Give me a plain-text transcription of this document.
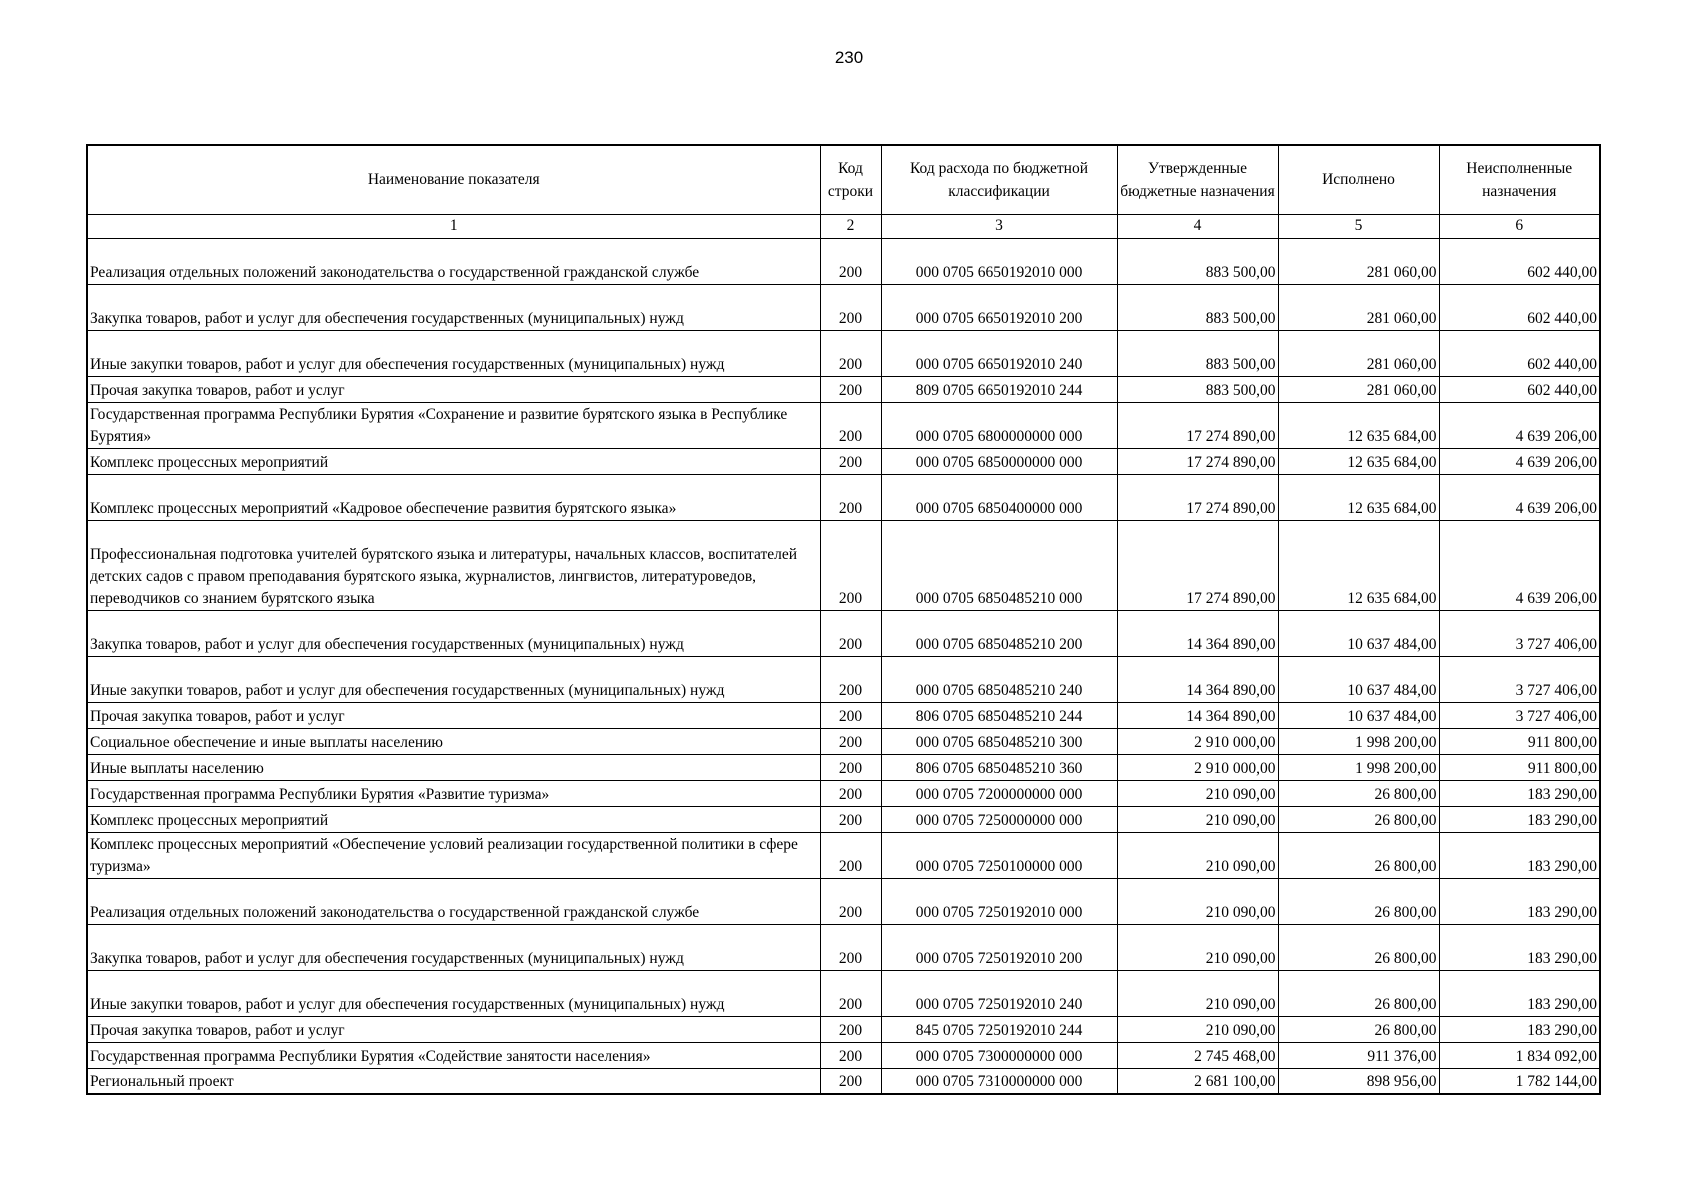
230
Наименование показателя	Код строки	Код расхода по бюджетной классификации	Утвержденные бюджетные назначения	Исполнено	Неисполненные назначения
1	2	3	4	5	6
Реализация отдельных положений законодательства о государственной гражданской службе	200	000 0705 6650192010 000	883 500,00	281 060,00	602 440,00
Закупка товаров, работ и услуг для обеспечения государственных (муниципальных) нужд	200	000 0705 6650192010 200	883 500,00	281 060,00	602 440,00
Иные закупки товаров, работ и услуг для обеспечения государственных (муниципальных) нужд	200	000 0705 6650192010 240	883 500,00	281 060,00	602 440,00
Прочая закупка товаров, работ и услуг	200	809 0705 6650192010 244	883 500,00	281 060,00	602 440,00
Государственная программа Республики Бурятия «Сохранение и развитие бурятского языка в Республике Бурятия»	200	000 0705 6800000000 000	17 274 890,00	12 635 684,00	4 639 206,00
Комплекс процессных мероприятий	200	000 0705 6850000000 000	17 274 890,00	12 635 684,00	4 639 206,00
Комплекс процессных мероприятий «Кадровое обеспечение развития бурятского языка»	200	000 0705 6850400000 000	17 274 890,00	12 635 684,00	4 639 206,00
Профессиональная подготовка учителей бурятского языка и литературы, начальных классов, воспитателей детских садов с правом преподавания бурятского языка, журналистов, лингвистов, литературоведов, переводчиков со знанием бурятского языка	200	000 0705 6850485210 000	17 274 890,00	12 635 684,00	4 639 206,00
Закупка товаров, работ и услуг для обеспечения государственных (муниципальных) нужд	200	000 0705 6850485210 200	14 364 890,00	10 637 484,00	3 727 406,00
Иные закупки товаров, работ и услуг для обеспечения государственных (муниципальных) нужд	200	000 0705 6850485210 240	14 364 890,00	10 637 484,00	3 727 406,00
Прочая закупка товаров, работ и услуг	200	806 0705 6850485210 244	14 364 890,00	10 637 484,00	3 727 406,00
Социальное обеспечение и иные выплаты населению	200	000 0705 6850485210 300	2 910 000,00	1 998 200,00	911 800,00
Иные выплаты населению	200	806 0705 6850485210 360	2 910 000,00	1 998 200,00	911 800,00
Государственная программа Республики Бурятия «Развитие туризма»	200	000 0705 7200000000 000	210 090,00	26 800,00	183 290,00
Комплекс процессных мероприятий	200	000 0705 7250000000 000	210 090,00	26 800,00	183 290,00
Комплекс процессных мероприятий «Обеспечение условий реализации государственной политики в сфере туризма»	200	000 0705 7250100000 000	210 090,00	26 800,00	183 290,00
Реализация отдельных положений законодательства о государственной гражданской службе	200	000 0705 7250192010 000	210 090,00	26 800,00	183 290,00
Закупка товаров, работ и услуг для обеспечения государственных (муниципальных) нужд	200	000 0705 7250192010 200	210 090,00	26 800,00	183 290,00
Иные закупки товаров, работ и услуг для обеспечения государственных (муниципальных) нужд	200	000 0705 7250192010 240	210 090,00	26 800,00	183 290,00
Прочая закупка товаров, работ и услуг	200	845 0705 7250192010 244	210 090,00	26 800,00	183 290,00
Государственная программа Республики Бурятия «Содействие занятости населения»	200	000 0705 7300000000 000	2 745 468,00	911 376,00	1 834 092,00
Региональный проект	200	000 0705 7310000000 000	2 681 100,00	898 956,00	1 782 144,00
